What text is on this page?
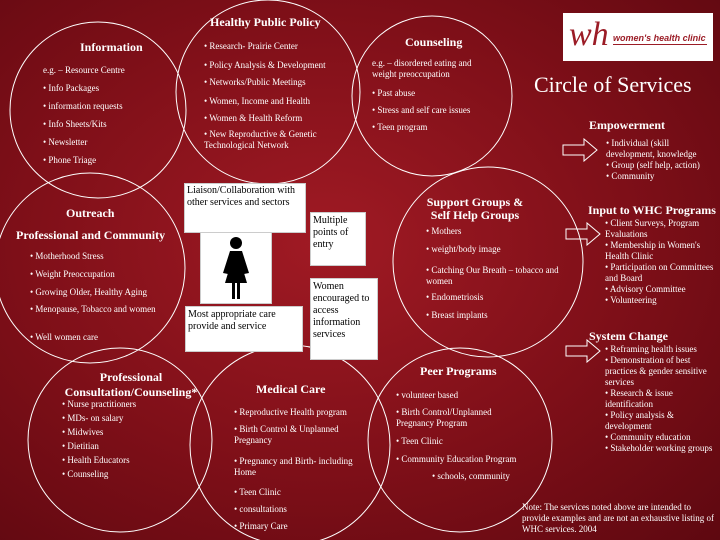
wh women's health clinic
Circle of Services
Healthy Public Policy
• Research- Prairie Center
• Policy Analysis & Development
• Networks/Public Meetings
• Women, Income and Health
• Women & Health Reform
• New Reproductive & Genetic Technological Network
Information
e.g. – Resource Centre
• Info Packages
• information requests
• Info Sheets/Kits
• Newsletter
• Phone Triage
Counseling
e.g. – disordered eating and weight preoccupation
• Past abuse
• Stress and self care issues
• Teen program	Empowerment
• Individual (skill development, knowledge
• Group (self help, action)
• Community
Outreach
Professional and Community
• Motherhood Stress
• Weight Preoccupation
• Growing Older, Healthy Aging
• Menopause, Tobacco and women
• Well women care
Liaison/Collaboration with other services and sectors
Multiple points of entry
Most appropriate care provide and service
Women encouraged to access information services
Support Groups & Self Help Groups
• Mothers
• weight/body image
• Catching Our Breath – tobacco and women
• Endometriosis
• Breast implants
Input to WHC Programs
• Client Surveys, Program Evaluations
• Membership in Women's Health Clinic
• Participation on Committees and Board
• Advisory Committee
• Volunteering
System Change
• Reframing health issues
• Demonstration of best practices & gender sensitive services
• Research & issue identification
• Policy analysis & development
• Community education
• Stakeholder working groups
Professional Consultation/Counseling*
• Nurse practitioners
• MDs- on salary
• Midwives
• Dietitian
• Health Educators
• Counseling
Medical Care
• Reproductive Health program
• Birth Control & Unplanned Pregnancy
• Pregnancy and Birth- including Home
• Teen Clinic
• consultations
• Primary Care
Peer Programs
• volunteer based
• Birth Control/Unplanned Pregnancy Program
• Teen Clinic
• Community Education Program
• schools, community
Note: The services noted above are intended to provide examples and are not an exhaustive listing of WHC services. 2004
